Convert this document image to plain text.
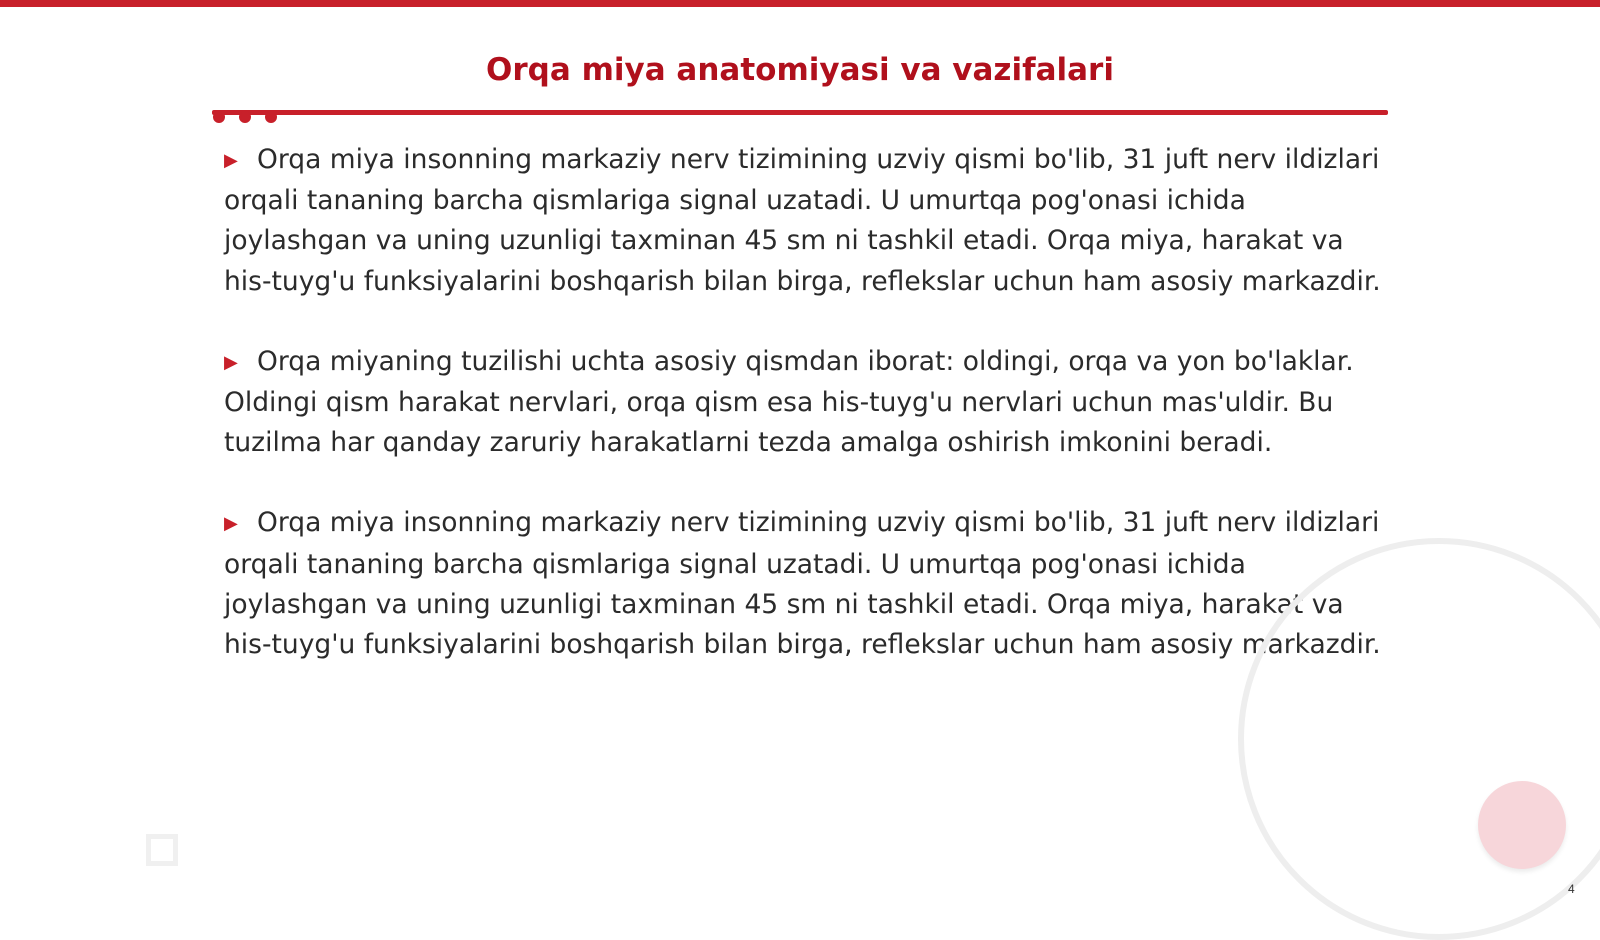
Orqa miya anatomiyasi va vazifalari

▶ Orqa miya insonning markaziy nerv tizimining uzviy qismi bo'lib, 31 juft nerv ildizlari orqali tananing barcha qismlariga signal uzatadi. U umurtqa pog'onasi ichida joylashgan va uning uzunligi taxminan 45 sm ni tashkil etadi. Orqa miya, harakat va his-tuyg'u funksiyalarini boshqarish bilan birga, reflekslar uchun ham asosiy markazdir.

▶ Orqa miyaning tuzilishi uchta asosiy qismdan iborat: oldingi, orqa va yon bo'laklar. Oldingi qism harakat nervlari, orqa qism esa his-tuyg'u nervlari uchun mas'uldir. Bu tuzilma har qanday zaruriy harakatlarni tezda amalga oshirish imkonini beradi.

▶ Orqa miya insonning markaziy nerv tizimining uzviy qismi bo'lib, 31 juft nerv ildizlari orqali tananing barcha qismlariga signal uzatadi. U umurtqa pog'onasi ichida joylashgan va uning uzunligi taxminan 45 sm ni tashkil etadi. Orqa miya, harakat va his-tuyg'u funksiyalarini boshqarish bilan birga, reflekslar uchun ham asosiy markazdir.

4
